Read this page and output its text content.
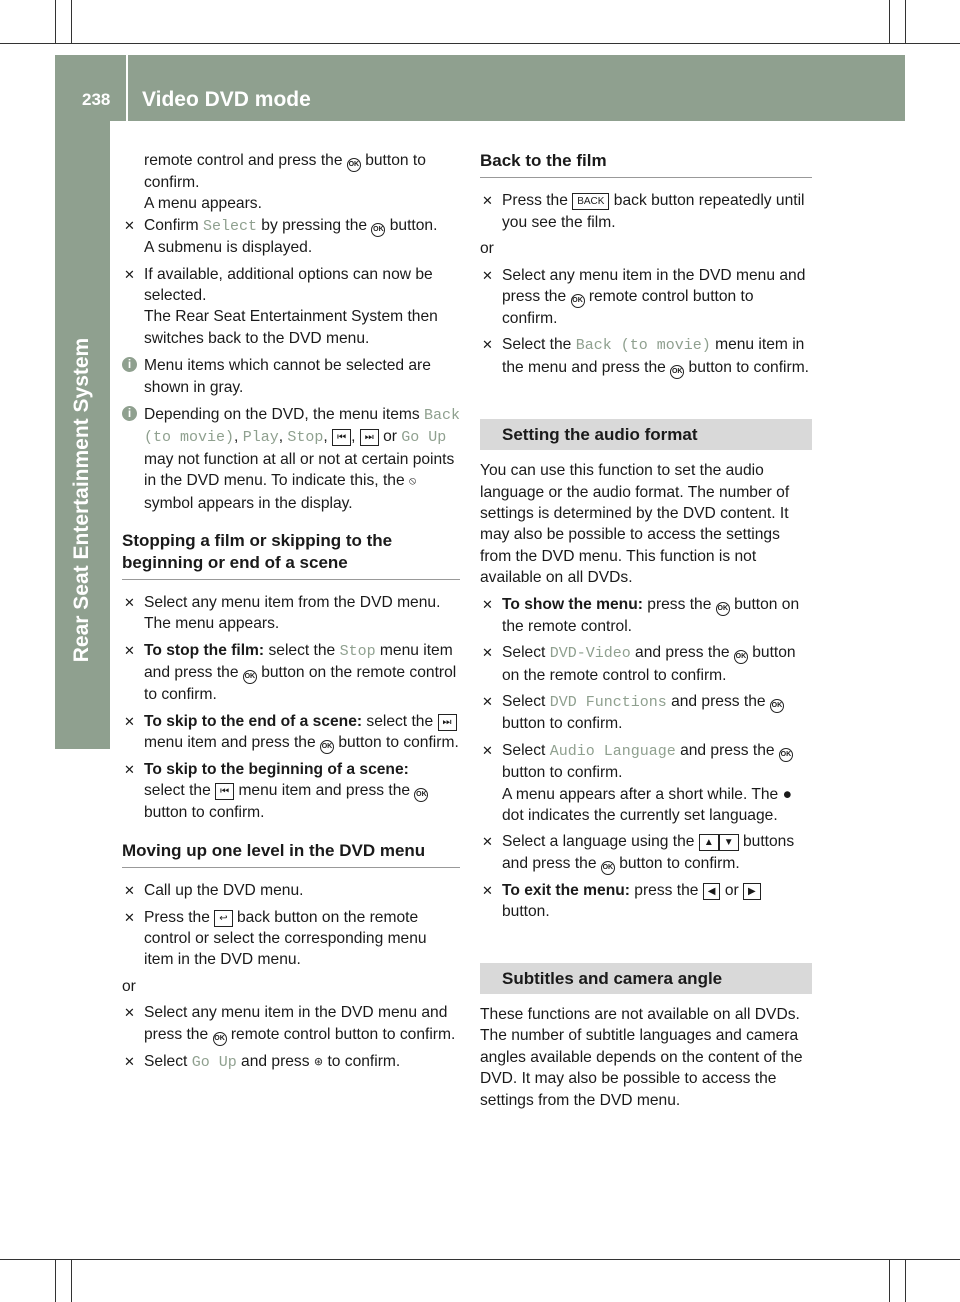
238 Video DVD mode
Rear Seat Entertainment System

remote control and press the OK button to confirm.
A menu appears.

✕ Confirm Select by pressing the OK button.
A submenu is displayed.
✕ If available, additional options can now be selected.
The Rear Seat Entertainment System then switches back to the DVD menu.
i Menu items which cannot be selected are shown in gray.
i Depending on the DVD, the menu items Back (to movie), Play, Stop, ⏮ , ⏭ or Go Up may not function at all or not at certain points in the DVD menu. To indicate this, the ⦸ symbol appears in the display.
Stopping a film or skipping to the beginning or end of a scene
✕ Select any menu item from the DVD menu.
The menu appears.
✕ To stop the film: select the Stop menu item and press the OK button on the remote control to confirm.
✕ To skip to the end of a scene: select the ⏭ menu item and press the OK button to confirm.
✕ To skip to the beginning of a scene:
select the ⏮ menu item and press the OK button to confirm.
Moving up one level in the DVD menu
✕ Call up the DVD menu.
✕ Press the ↩ back button on the remote control or select the corresponding menu item in the DVD menu.

or

✕ Select any menu item in the DVD menu and press the OK remote control button to confirm.
✕ Select Go Up and press ⊛ to confirm.
Back to the film
✕ Press the BACK back button repeatedly until you see the film.

or

✕ Select any menu item in the DVD menu and press the OK remote control button to confirm.
✕ Select the Back (to movie) menu item in the menu and press the OK button to confirm.
Setting the audio format

You can use this function to set the audio language or the audio format. The number of settings is determined by the DVD content. It may also be possible to access the settings from the DVD menu. This function is not available on all DVDs.

✕ To show the menu: press the OK button on the remote control.
✕ Select DVD-Video and press the OK button on the remote control to confirm.
✕ Select DVD Functions and press the OK button to confirm.
✕ Select Audio Language and press the OK button to confirm.
A menu appears after a short while. The ● dot indicates the currently set language.
✕ Select a language using the ▲ ▼ buttons and press the OK button to confirm.
✕ To exit the menu: press the ◀ or ▶ button.
Subtitles and camera angle

These functions are not available on all DVDs. The number of subtitle languages and camera angles available depends on the content of the DVD. It may also be possible to access the settings from the DVD menu.
